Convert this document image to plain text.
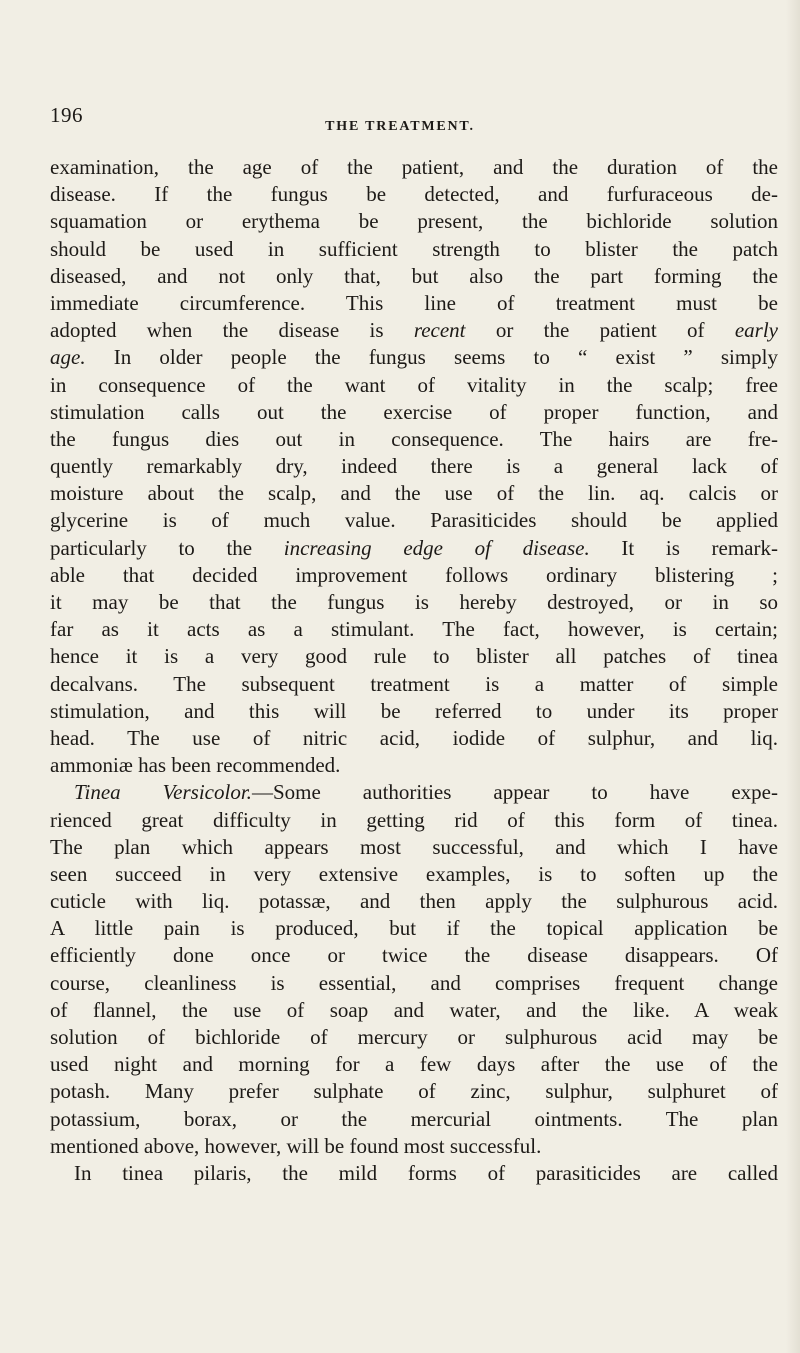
196	THE TREATMENT.
examination, the age of the patient, and the duration of the
disease. If the fungus be detected, and furfuraceous de-
squamation or erythema be present, the bichloride solution
should be used in sufficient strength to blister the patch
diseased, and not only that, but also the part forming the
immediate circumference. This line of treatment must be
adopted when the disease is recent or the patient of early
age. In older people the fungus seems to “ exist ” simply
in consequence of the want of vitality in the scalp; free
stimulation calls out the exercise of proper function, and
the fungus dies out in consequence. The hairs are fre-
quently remarkably dry, indeed there is a general lack of
moisture about the scalp, and the use of the lin. aq. calcis or
glycerine is of much value. Parasiticides should be applied
particularly to the increasing edge of disease. It is remark-
able that decided improvement follows ordinary blistering ;
it may be that the fungus is hereby destroyed, or in so
far as it acts as a stimulant. The fact, however, is certain;
hence it is a very good rule to blister all patches of tinea
decalvans. The subsequent treatment is a matter of simple
stimulation, and this will be referred to under its proper
head. The use of nitric acid, iodide of sulphur, and liq.
ammoniæ has been recommended.
Tinea Versicolor.—Some authorities appear to have expe-
rienced great difficulty in getting rid of this form of tinea.
The plan which appears most successful, and which I have
seen succeed in very extensive examples, is to soften up the
cuticle with liq. potassæ, and then apply the sulphurous acid.
A little pain is produced, but if the topical application be
efficiently done once or twice the disease disappears. Of
course, cleanliness is essential, and comprises frequent change
of flannel, the use of soap and water, and the like. A weak
solution of bichloride of mercury or sulphurous acid may be
used night and morning for a few days after the use of the
potash. Many prefer sulphate of zinc, sulphur, sulphuret of
potassium, borax, or the mercurial ointments. The plan
mentioned above, however, will be found most successful.
In tinea pilaris, the mild forms of parasiticides are called
